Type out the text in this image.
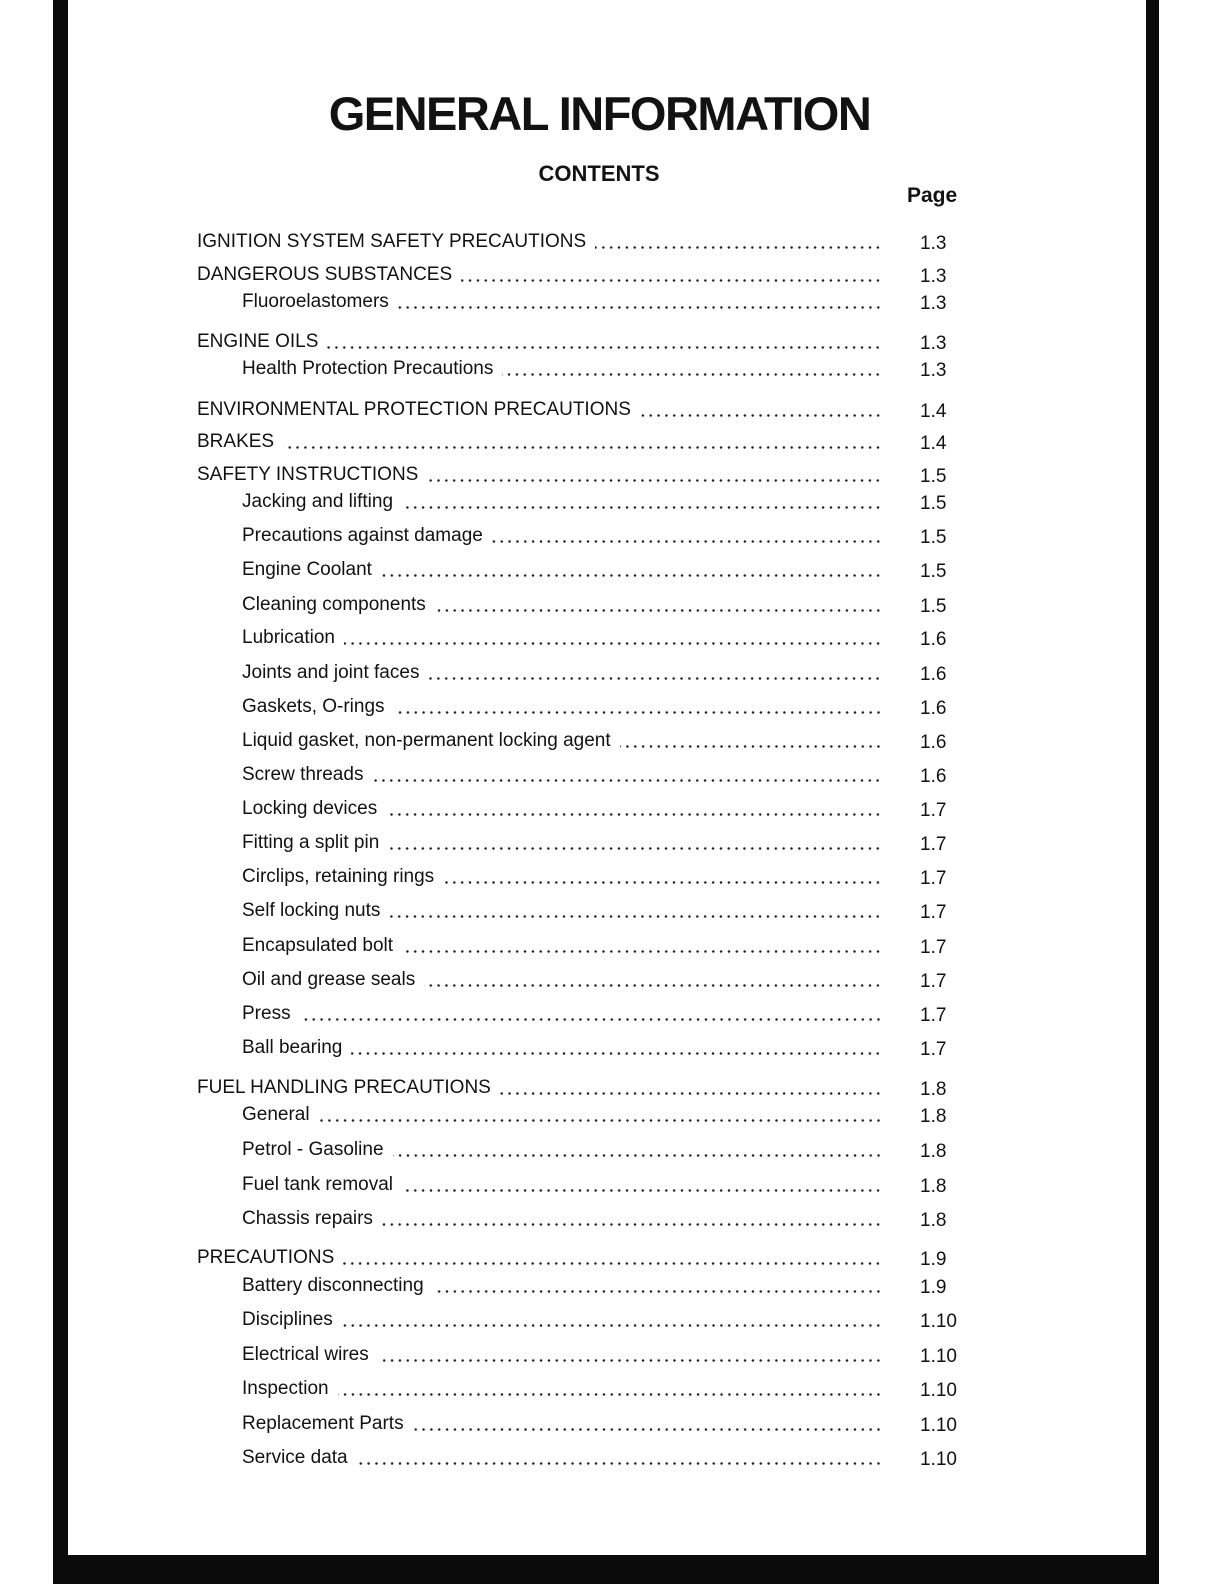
GENERAL INFORMATION
CONTENTS
Page
IGNITION SYSTEM SAFETY PRECAUTIONS	1.3
DANGEROUS SUBSTANCES	1.3
Fluoroelastomers	1.3
ENGINE OILS	1.3
Health Protection Precautions	1.3
ENVIRONMENTAL PROTECTION PRECAUTIONS	1.4
BRAKES	1.4
SAFETY INSTRUCTIONS	1.5
Jacking and lifting	1.5
Precautions against damage	1.5
Engine Coolant	1.5
Cleaning components	1.5
Lubrication	1.6
Joints and joint faces	1.6
Gaskets, O-rings	1.6
Liquid gasket, non-permanent locking agent	1.6
Screw threads	1.6
Locking devices	1.7
Fitting a split pin	1.7
Circlips, retaining rings	1.7
Self locking nuts	1.7
Encapsulated bolt	1.7
Oil and grease seals	1.7
Press	1.7
Ball bearing	1.7
FUEL HANDLING PRECAUTIONS	1.8
General	1.8
Petrol - Gasoline	1.8
Fuel tank removal	1.8
Chassis repairs	1.8
PRECAUTIONS	1.9
Battery disconnecting	1.9
Disciplines	1.10
Electrical wires	1.10
Inspection	1.10
Replacement Parts	1.10
Service data	1.10
